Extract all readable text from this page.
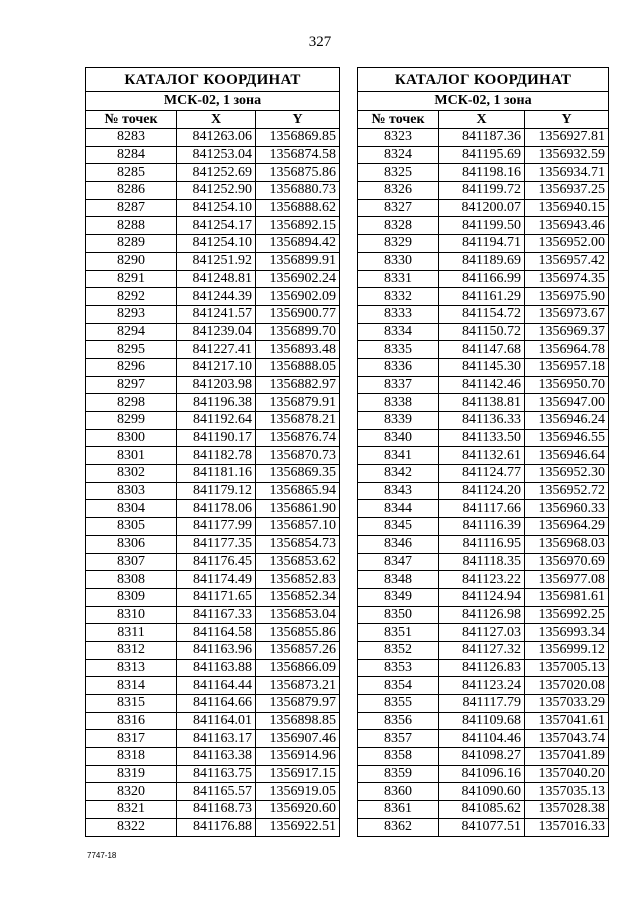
327
КАТАЛОГ КООРДИНАТ		
МСК-02, 1 зона		
№ точек	X	Y
8283	841263.06	1356869.85
8284	841253.04	1356874.58
8285	841252.69	1356875.86
8286	841252.90	1356880.73
8287	841254.10	1356888.62
8288	841254.17	1356892.15
8289	841254.10	1356894.42
8290	841251.92	1356899.91
8291	841248.81	1356902.24
8292	841244.39	1356902.09
8293	841241.57	1356900.77
8294	841239.04	1356899.70
8295	841227.41	1356893.48
8296	841217.10	1356888.05
8297	841203.98	1356882.97
8298	841196.38	1356879.91
8299	841192.64	1356878.21
8300	841190.17	1356876.74
8301	841182.78	1356870.73
8302	841181.16	1356869.35
8303	841179.12	1356865.94
8304	841178.06	1356861.90
8305	841177.99	1356857.10
8306	841177.35	1356854.73
8307	841176.45	1356853.62
8308	841174.49	1356852.83
8309	841171.65	1356852.34
8310	841167.33	1356853.04
8311	841164.58	1356855.86
8312	841163.96	1356857.26
8313	841163.88	1356866.09
8314	841164.44	1356873.21
8315	841164.66	1356879.97
8316	841164.01	1356898.85
8317	841163.17	1356907.46
8318	841163.38	1356914.96
8319	841163.75	1356917.15
8320	841165.57	1356919.05
8321	841168.73	1356920.60
8322	841176.88	1356922.51
КАТАЛОГ КООРДИНАТ		
МСК-02, 1 зона		
№ точек	X	Y
8323	841187.36	1356927.81
8324	841195.69	1356932.59
8325	841198.16	1356934.71
8326	841199.72	1356937.25
8327	841200.07	1356940.15
8328	841199.50	1356943.46
8329	841194.71	1356952.00
8330	841189.69	1356957.42
8331	841166.99	1356974.35
8332	841161.29	1356975.90
8333	841154.72	1356973.67
8334	841150.72	1356969.37
8335	841147.68	1356964.78
8336	841145.30	1356957.18
8337	841142.46	1356950.70
8338	841138.81	1356947.00
8339	841136.33	1356946.24
8340	841133.50	1356946.55
8341	841132.61	1356946.64
8342	841124.77	1356952.30
8343	841124.20	1356952.72
8344	841117.66	1356960.33
8345	841116.39	1356964.29
8346	841116.95	1356968.03
8347	841118.35	1356970.69
8348	841123.22	1356977.08
8349	841124.94	1356981.61
8350	841126.98	1356992.25
8351	841127.03	1356993.34
8352	841127.32	1356999.12
8353	841126.83	1357005.13
8354	841123.24	1357020.08
8355	841117.79	1357033.29
8356	841109.68	1357041.61
8357	841104.46	1357043.74
8358	841098.27	1357041.89
8359	841096.16	1357040.20
8360	841090.60	1357035.13
8361	841085.62	1357028.38
8362	841077.51	1357016.33
7747-18
